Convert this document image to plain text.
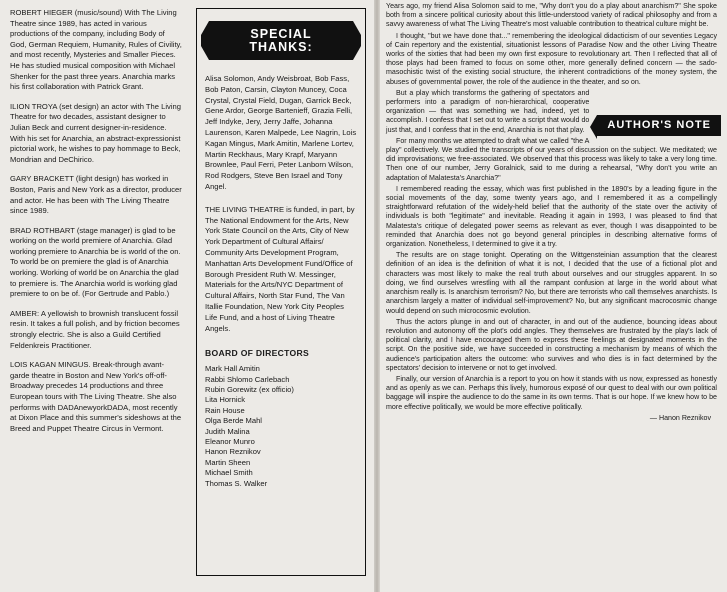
ROBERT HIEGER (music/sound) With The Living Theatre since 1989, has acted in various productions of the company, including Body of God, German Requiem, Humanity, Rules of Civility, and most recently, Mysteries and Smaller Pieces. He has studied musical composition with Michael Shenker for the past three years. Anarchia marks his first collaboration with Patrick Grant.

ILION TROYA (set design) an actor with The Living Theatre for two decades, assistant designer to Julian Beck and current designer-in-residence. With his set for Anarchia, an abstract-expressionist pictorial work, he wishes to pay hommage to Beck, Mondrian and DeChirico.

GARY BRACKETT (light design) has worked in Boston, Paris and New York as a director, producer and actor. He has been with The Living Theatre since 1989.

BRAD ROTHBART (stage manager) is glad to be working on the world premiere of Anarchia. Glad working premiere to Anarchia be is world of the on. To world be on premiere the glad is of Anarchia working. Working of world be on Anarchia the glad to premiere is. The Anarchia world is working glad premiere to on be of. (For Gertrude and Pablo.)

AMBER: A yellowish to brownish translucent fossil resin. It takes a full polish, and by friction becomes strongly electric. She is also a Guild Certified Feldenkreis Practitioner.

LOIS KAGAN MINGUS. Break-through avant-garde theatre in Boston and New York's off-off-Broadway precedes 14 productions and three European tours with The Living Theatre. She also performs with DADAnewyorkDADA, most recently at Dixon Place and this summer's sideshows at the Breed and Puppet Theatre Circus in Vermont.

SPECIAL
THANKS:

Alisa Solomon, Andy Weisbroat, Bob Fass, Bob Paton, Carsin, Clayton Muncey, Coca Crystal, Crystal Field, Dugan, Garrick Beck, Gene Ardor, George Bartenieff, Grazia Felli, Jeff Indyke, Jery, Jerry Jaffe, Johanna Laurenson, Karen Malpede, Lee Nagrin, Lois Kagan Mingus, Mark Amitin, Marlene Lortev, Martin Reckhaus, Mary Krapf, Maryann Brownlee, Paul Ferri, Peter Lanborn Wilson, Rod Rodgers, Steve Ben Israel and Tony Angel.

THE LIVING THEATRE is funded, in part, by The National Endowment for the Arts, New York State Council on the Arts, City of New York Department of Cultural Affairs/ Community Arts Development Program, Manhattan Arts Development Fund/Office of Borough President Ruth W. Messinger, Materials for the Arts/NYC Department of Cultural Affairs, North Star Fund, The Van Itallie Foundation, New York City Peoples Life Fund, and a host of Living Theatre Angels.

BOARD OF DIRECTORS
Mark Hall Amitin
Rabbi Shlomo Carlebach
Rubin Gorewitz (ex officio)
Lita Hornick
Rain House
Olga Berde Mahl
Judith Malina
Eleanor Munro
Hanon Reznikov
Martin Sheen
Michael Smith
Thomas S. Walker

Years ago, my friend Alisa Solomon said to me, "Why don't you do a play about anarchism?" She spoke both from a sincere political curiosity about this little-understood variety of radical philosophy and from a savvy awareness of what The Living Theatre's most valuable contribution to theatrical culture might be.

I thought, "but we have done that..." remembering the ideological didacticism of our seventies Legacy of Cain repertory and the existential, situationist lessons of Paradise Now and the other Living Theatre works of the sixties that had been my own first exposure to revolutionary art. Then I reflected that all of those plays had been framed to focus on some other, more generally defined concern — the sado-masochistic twist of the existing social structure, the inherent contradictions of the money system, the abuses of governmental power, the role of the audience in the theater, and so on.

AUTHOR'S NOTE

But a play which transforms the gathering of spectators and performers into a paradigm of non-hierarchical, cooperative organization — that was something we had, indeed, yet to accomplish. I confess that I set out to write a script that would do just that, and I confess that in the end, Anarchia is not that play.

For many months we attempted to draft what we called "the A play" collectively. We studied the transcripts of our years of discussion on the subject. We meditated; we did improvisations; we free-associated. We observed that this process was likely to take a very long time. Then one of our number, Jerry Goralnick, said to me during a rehearsal, "Why don't you write an adaptation of Malatesta's Anarchia?"

I remembered reading the essay, which was first published in the 1890's by a leading figure in the social movements of the day, some twenty years ago, and I remembered it as a compellingly straightforward refutation of the widely-held belief that the authority of the state over the activity of individuals is both "legitimate" and inevitable. Reading it again in 1993, I was pleased to find that Malatesta's critique of delegated power seems as relevant as ever, though I was disappointed to be reminded that Anarchia does not go beyond general principles in describing alternative forms of organization. Nonetheless, I determined to give it a try.

The results are on stage tonight. Operating on the Wittgensteinian assumption that the clearest definition of an idea is the definition of what it is not, I decided that the use of a fictional plot and characters was most likely to make the real truth about ourselves and our struggles apparent. In so doing, we find ourselves wrestling with all the rampant confusion at large in the world about what anarchism really is. Is anarchism terrorism? No, but there are terrorists who call themselves anarchists. Is anarchism largely a matter of individual self-improvement? No, but any significant macrocosmic change would depend on such microcosmic evolution.

Thus the actors plunge in and out of character, in and out of the audience, bouncing ideas about revolution and autonomy off the plot's odd angles. They themselves are frustrated by the play's lack of political clarity, and I have encouraged them to express these feelings at designated moments in the script. On the positive side, we have succeeded in constructing a mechanism by means of which the audience's participation alters the outcome: who survives and who dies is in fact determined by the spectators' decision to intervene or not to get involved.

Finally, our version of Anarchia is a report to you on how it stands with us now, expressed as honestly and as openly as we can. Perhaps this lively, humorous exposé of our quest to deal with our own political baggage will inspire the audience to do the same in its own terms. That is our hope. If we knew how to be more effective politically, we would be more effective politically.

— Hanon Reznikov
